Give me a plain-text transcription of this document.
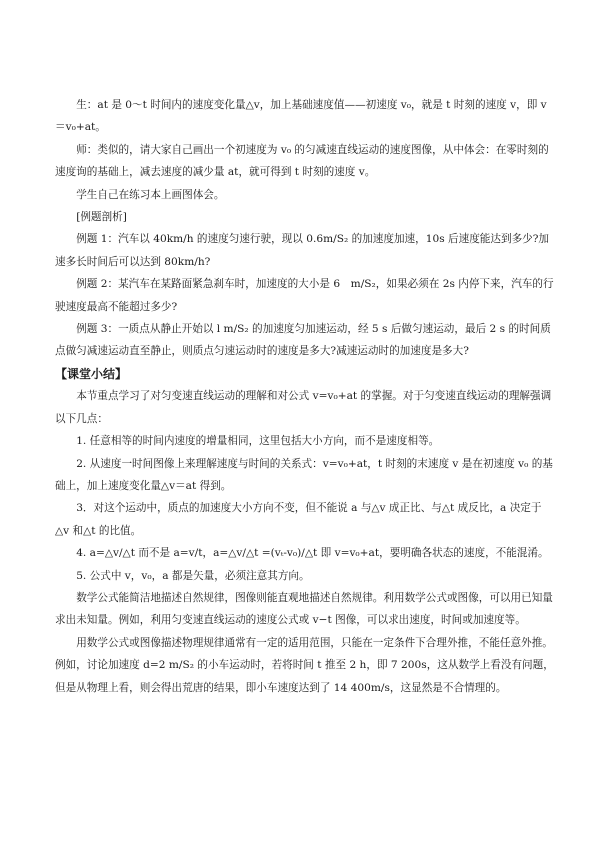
生：at 是 0～t 时间内的速度变化量△v，加上基础速度值——初速度 v₀，就是 t 时刻的速度 v，即 v＝v₀+at。

师：类似的，请大家自己画出一个初速度为 v₀ 的匀减速直线运动的速度图像，从中体会：在零时刻的速度询的基础上，减去速度的减少量 at，就可得到 t 时刻的速度 v。

学生自己在练习本上画图体会。

[例题剖析]

例题 1：汽车以 40km/h 的速度匀速行驶，现以 0.6m/S₂ 的加速度加速，10s 后速度能达到多少?加速多长时间后可以达到 80km/h?

例题 2：某汽车在某路面紧急刹车时，加速度的大小是 6　m/S₂，如果必须在 2s 内停下来，汽车的行驶速度最高不能超过多少?

例题 3：一质点从静止开始以 l m/S₂ 的加速度匀加速运动，经 5 s 后做匀速运动，最后 2 s 的时间质点做匀减速运动直至静止，则质点匀速运动时的速度是多大?减速运动时的加速度是多大?

【课堂小结】

本节重点学习了对匀变速直线运动的理解和对公式 v=v₀+at 的掌握。对于匀变速直线运动的理解强调以下几点：

1. 任意相等的时间内速度的增量相同，这里包括大小方向，而不是速度相等。

2. 从速度一时间图像上来理解速度与时间的关系式：v=v₀+at，t 时刻的末速度 v 是在初速度 v₀ 的基础上，加上速度变化量△v＝at 得到。

3．对这个运动中，质点的加速度大小方向不变，但不能说 a 与△v 成正比、与△t 成反比，a 决定于△v 和△t 的比值。

4. a=△v/△t 而不是 a=v/t，a=△v/△t =(vₜ-v₀)/△t 即 v=v₀+at，要明确各状态的速度，不能混淆。

5. 公式中 v，v₀，a 都是矢量，必须注意其方向。

数学公式能简洁地描述自然规律，图像则能直观地描述自然规律。利用数学公式或图像，可以用已知量求出未知量。例如，利用匀变速直线运动的速度公式或 v−t 图像，可以求出速度，时间或加速度等。

用数学公式或图像描述物理规律通常有一定的适用范围，只能在一定条件下合理外推，不能任意外推。例如，讨论加速度 d=2 m/S₂ 的小车运动时，若将时间 t 推至 2 h，即 7 200s，这从数学上看没有问题，但是从物理上看，则会得出荒唐的结果，即小车速度达到了 14 400m/s，这显然是不合情理的。
